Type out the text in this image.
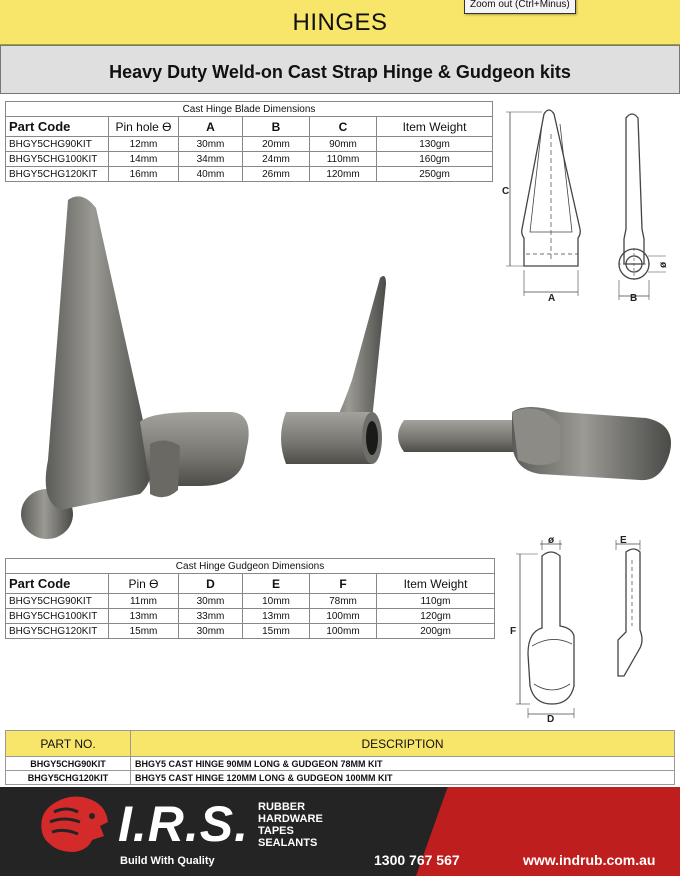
HINGES
Zoom out (Ctrl+Minus)
Heavy Duty Weld-on Cast Strap Hinge & Gudgeon kits
Cast Hinge Blade Dimensions					
Part Code	Pin hole ϴ	A	B	C	Item Weight
BHGY5CHG90KIT	12mm	30mm	20mm	90mm	130gm
BHGY5CHG100KIT	14mm	34mm	24mm	110mm	160gm
BHGY5CHG120KIT	16mm	40mm	26mm	120mm	250gm
C
A	B
ø
Cast Hinge Gudgeon Dimensions					
Part Code	Pin ϴ	D	E	F	Item Weight
BHGY5CHG90KIT	11mm	30mm	10mm	78mm	110gm
BHGY5CHG100KIT	13mm	33mm	13mm	100mm	120gm
BHGY5CHG120KIT	15mm	30mm	15mm	100mm	200gm	F
D
E
ø
PART NO.	DESCRIPTION
BHGY5CHG90KIT	BHGY5 CAST HINGE 90MM LONG & GUDGEON 78MM KIT
BHGY5CHG120KIT	BHGY5 CAST HINGE 120MM LONG & GUDGEON 100MM KIT
I.R.S.
Build With Quality
RUBBER
HARDWARE
TAPES
SEALANTS
1300 767 567	www.indrub.com.au
